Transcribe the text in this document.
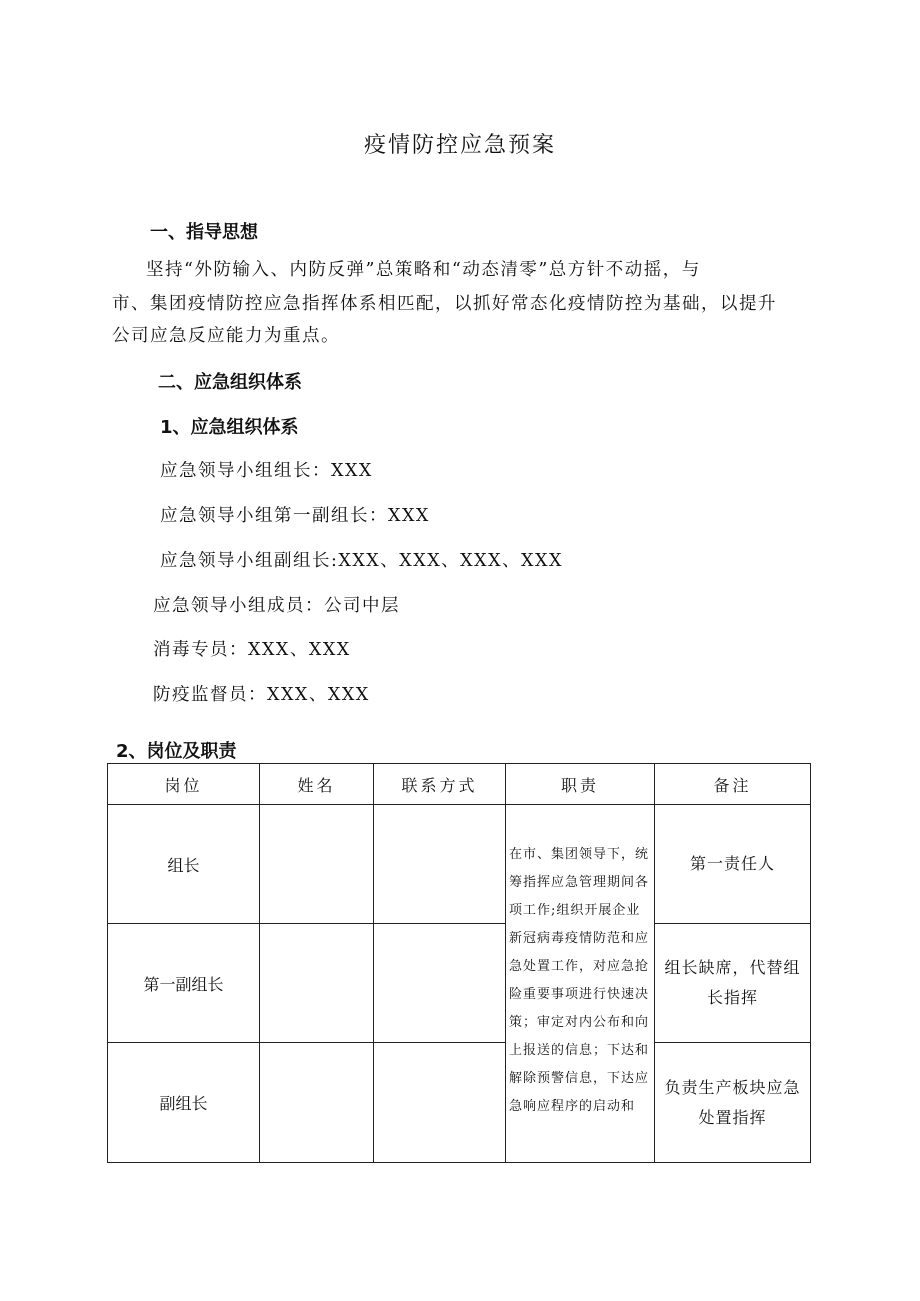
疫情防控应急预案
一、指导思想
坚持“外防输入、内防反弹”总策略和“动态清零”总方针不动摇，与
市、集团疫情防控应急指挥体系相匹配，以抓好常态化疫情防控为基础，以提升
公司应急反应能力为重点。
二、应急组织体系
1、应急组织体系
应急领导小组组长：XXX
应急领导小组第一副组长：XXX
应急领导小组副组长:XXX、XXX、XXX、XXX
应急领导小组成员：公司中层
消毒专员：XXX、XXX
防疫监督员：XXX、XXX
2、岗位及职责
岗位	姓名	联系方式	职责	备注
组长			在市、集团领导下，统筹指挥应急管理期间各项工作;组织开展企业新冠病毒疫情防范和应急处置工作，对应急抢险重要事项进行快速决策；审定对内公布和向上报送的信息；下达和解除预警信息，下达应急响应程序的启动和	第一责任人
第一副组长				组长缺席，代替组长指挥
副组长				负责生产板块应急处置指挥
